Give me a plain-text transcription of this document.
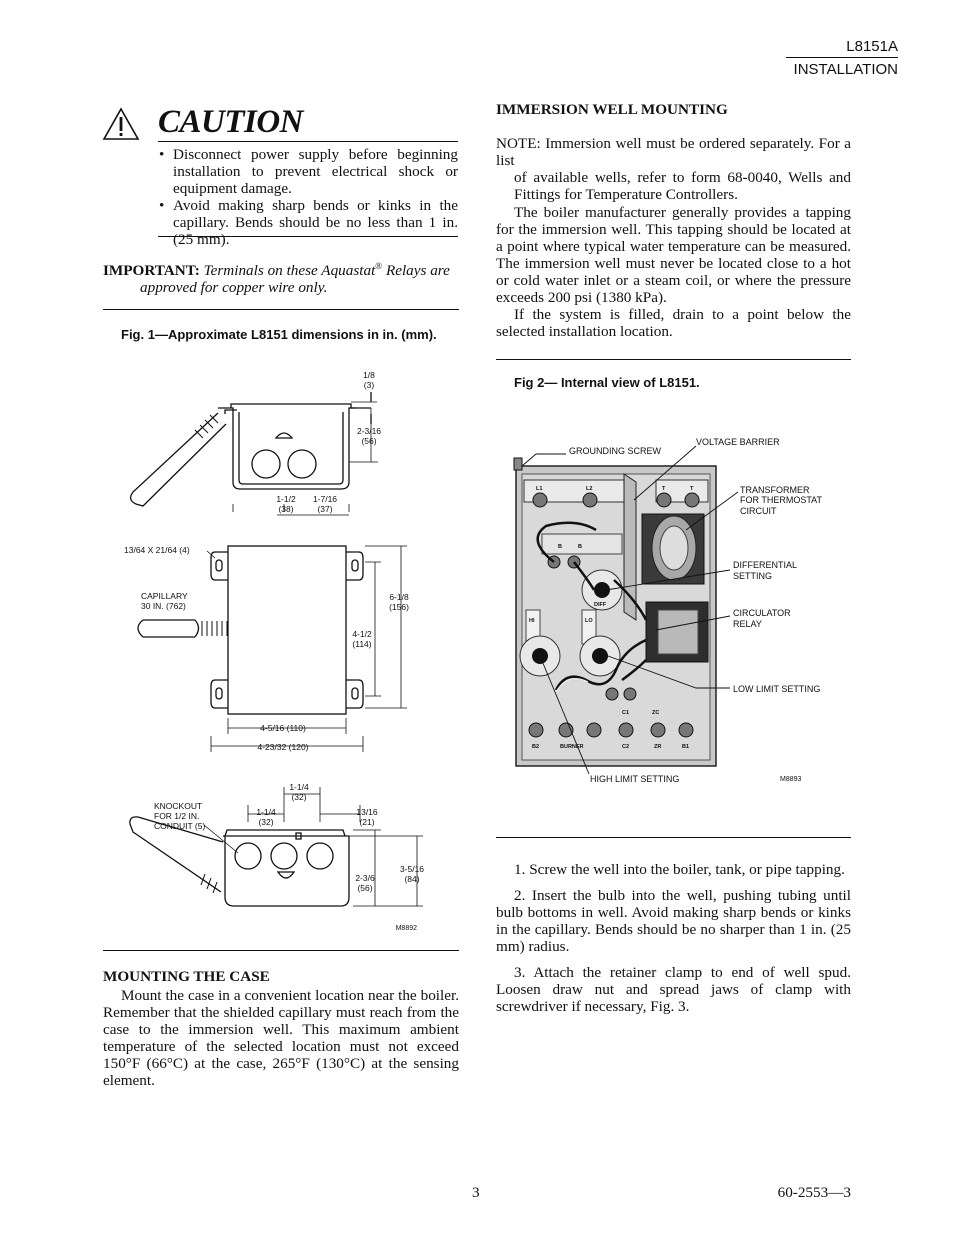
L8151A
INSTALLATION
CAUTION
• Disconnect power supply before beginning installation to prevent electrical shock or equipment damage.
• Avoid making sharp bends or kinks in the capillary. Bends should be no less than 1 in. (25 mm).
IMPORTANT: Terminals on these Aquastat® Relays are
approved for copper wire only.
Fig. 1—Approximate L8151 dimensions in in. (mm).
1/8
(3)
2-3/16
(56)
1-1/2
(38)
1-7/16
(37)
13/64 X 21/64 (4)
CAPILLARY
30 IN. (762)
6-1/8
(156)
4-1/2
(114)
4-5/16 (110)
4-23/32 (120)
1-1/4
(32)
KNOCKOUT
FOR 1/2 IN.
CONDUIT (5)
1-1/4
(32)
13/16
(21)
3-5/16
(84)
2-3/6
(56)
M8892
MOUNTING THE CASE
Mount the case in a convenient location near the boiler. Remember that the shielded capillary must reach from the case to the immersion well. This maximum ambient temperature of the selected location must not exceed 150°F (66°C) at the case, 265°F (130°C) at the sensing element.
IMMERSION WELL MOUNTING
NOTE: Immersion well must be ordered separately. For a list
of available wells, refer to form 68-0040, Wells and Fittings for Temperature Controllers.
The boiler manufacturer generally provides a tapping for the immersion well. This tapping should be located at a point where typical water temperature can be measured. The immersion well must never be located close to a hot or cold water inlet or a steam coil, or where the pressure exceeds 200 psi (1380 kPa).
If the system is filled, drain to a point below the selected installation location.
Fig 2— Internal view of L8151.
L1	L2	T	T
B	B
HI	LO
DIFF
C1	ZC
B2	BURNER	C2	ZR	B1
GROUNDING SCREW
VOLTAGE BARRIER
TRANSFORMER
FOR THERMOSTAT
CIRCUIT
DIFFERENTIAL
SETTING
CIRCULATOR
RELAY
LOW LIMIT SETTING
HIGH LIMIT SETTING	M8893

1. Screw the well into the boiler, tank, or pipe tapping.

2. Insert the bulb into the well, pushing tubing until bulb bottoms in well. Avoid making sharp bends or kinks in the capillary. Bends should be no sharper than 1 in. (25 mm) radius.

3. Attach the retainer clamp to end of well spud. Loosen draw nut and spread jaws of clamp with screwdriver if necessary, Fig. 3.

3	60-2553—3
